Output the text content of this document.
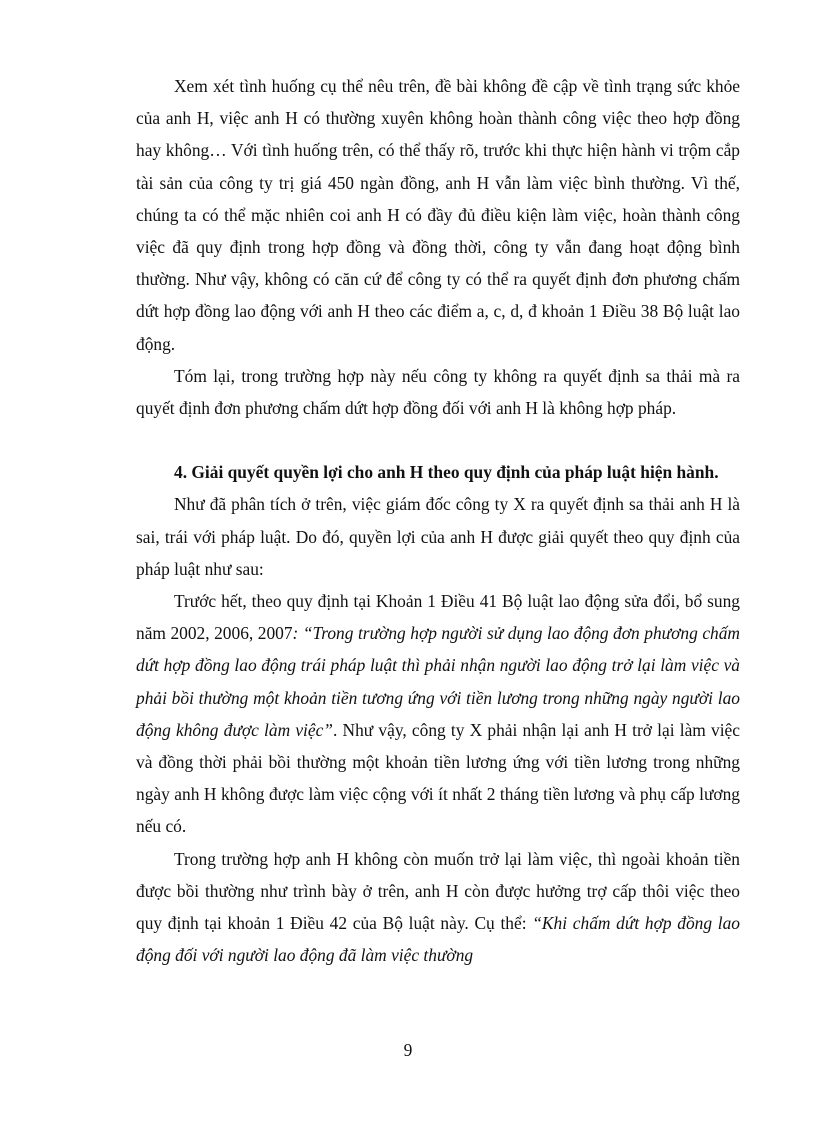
Xem xét tình huống cụ thể nêu trên, đề bài không đề cập về tình trạng sức khỏe của anh H, việc anh H có thường xuyên không hoàn thành công việc theo hợp đồng hay không… Với tình huống trên, có thể thấy rõ, trước khi thực hiện hành vi trộm cắp tài sản của công ty trị giá 450 ngàn đồng, anh H vẫn làm việc bình thường. Vì thế, chúng ta có thể mặc nhiên coi anh H có đầy đủ điều kiện làm việc, hoàn thành công việc đã quy định trong hợp đồng và đồng thời, công ty vẫn đang hoạt động bình thường. Như vậy, không có căn cứ để công ty có thể ra quyết định đơn phương chấm dứt hợp đồng lao động với anh H theo các điểm a, c, d, đ khoản 1 Điều 38 Bộ luật lao động.

Tóm lại, trong trường hợp này nếu công ty không ra quyết định sa thải mà ra quyết định đơn phương chấm dứt hợp đồng đối với anh H là không hợp pháp.

4. Giải quyết quyền lợi cho anh H theo quy định của pháp luật hiện hành.

Như đã phân tích ở trên, việc giám đốc công ty X ra quyết định sa thải anh H là sai, trái với pháp luật. Do đó, quyền lợi của anh H được giải quyết theo quy định của pháp luật như sau:

Trước hết, theo quy định tại Khoản 1 Điều 41 Bộ luật lao động sửa đổi, bổ sung năm 2002, 2006, 2007: “Trong trường hợp người sử dụng lao động đơn phương chấm dứt hợp đồng lao động trái pháp luật thì phải nhận người lao động trở lại làm việc và phải bồi thường một khoản tiền tương ứng với tiền lương trong những ngày người lao động không được làm việc”. Như vậy, công ty X phải nhận lại anh H trở lại làm việc và đồng thời phải bồi thường một khoản tiền lương ứng với tiền lương trong những ngày anh H không được làm việc cộng với ít nhất 2 tháng tiền lương và phụ cấp lương nếu có.

Trong trường hợp anh H không còn muốn trở lại làm việc, thì ngoài khoản tiền được bồi thường như trình bày ở trên, anh H còn được hưởng trợ cấp thôi việc theo quy định tại khoản 1 Điều 42 của Bộ luật này. Cụ thể: “Khi chấm dứt hợp đồng lao động đối với người lao động đã làm việc thường

9
